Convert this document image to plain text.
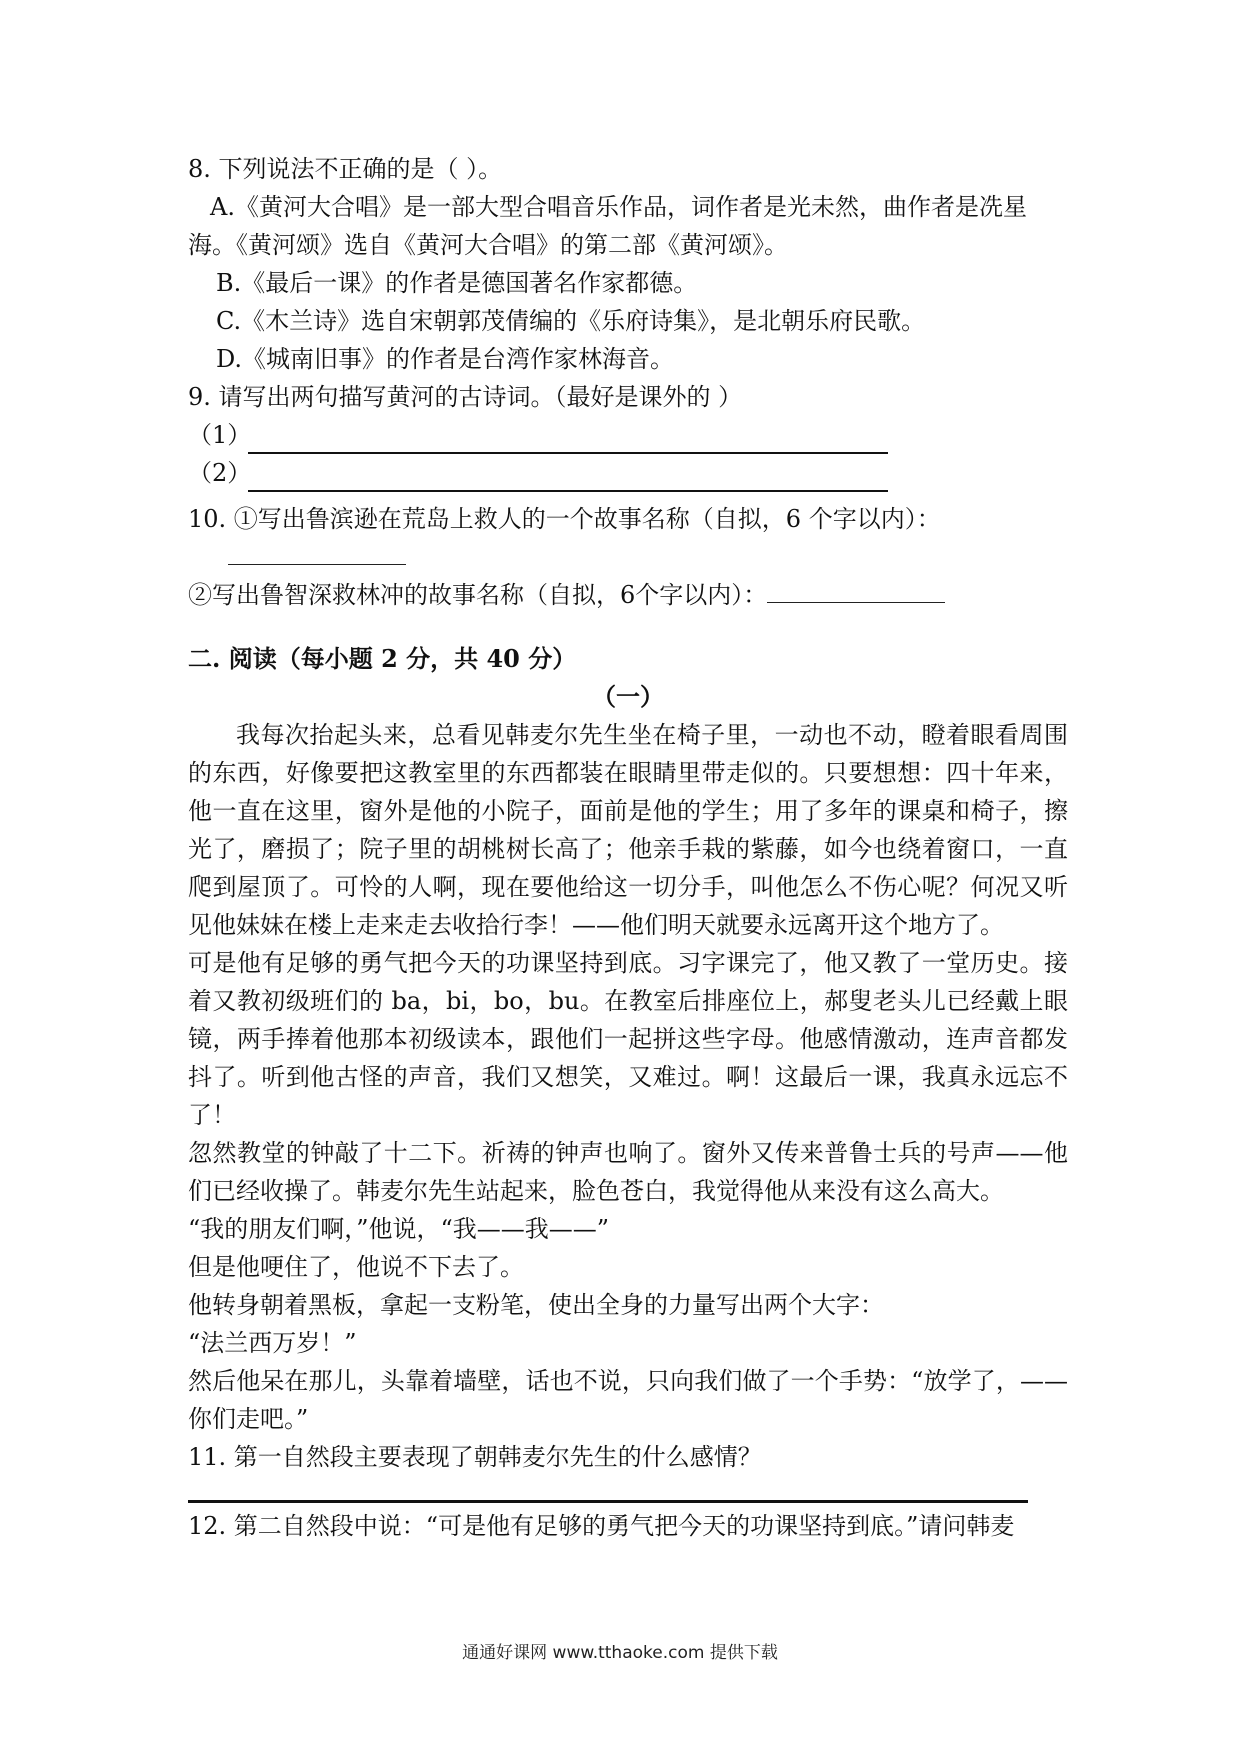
8. 下列说法不正确的是（ ）。
A.《黄河大合唱》是一部大型合唱音乐作品，词作者是光未然，曲作者是冼星
海。《黄河颂》选自《黄河大合唱》的第二部《黄河颂》。
B.《最后一课》的作者是德国著名作家都德。
C.《木兰诗》选自宋朝郭茂倩编的《乐府诗集》，是北朝乐府民歌。
D.《城南旧事》的作者是台湾作家林海音。
9. 请写出两句描写黄河的古诗词。（最好是课外的 ）
（1）
（2）
10. ①写出鲁滨逊在荒岛上救人的一个故事名称（自拟，6 个字以内）：
②写出鲁智深救林冲的故事名称（自拟，6个字以内）：
二. 阅读（每小题 2 分，共 40 分）
（一）

我每次抬起头来，总看见韩麦尔先生坐在椅子里，一动也不动，瞪着眼看周围的东西，好像要把这教室里的东西都装在眼睛里带走似的。只要想想：四十年来，他一直在这里，窗外是他的小院子，面前是他的学生；用了多年的课桌和椅子，擦光了，磨损了；院子里的胡桃树长高了；他亲手栽的紫藤，如今也绕着窗口，一直爬到屋顶了。可怜的人啊，现在要他给这一切分手，叫他怎么不伤心呢？何况又听见他妹妹在楼上走来走去收拾行李！——他们明天就要永远离开这个地方了。

可是他有足够的勇气把今天的功课坚持到底。习字课完了，他又教了一堂历史。接着又教初级班们的 ba，bi，bo，bu。在教室后排座位上，郝叟老头儿已经戴上眼镜，两手捧着他那本初级读本，跟他们一起拼这些字母。他感情激动，连声音都发抖了。听到他古怪的声音，我们又想笑，又难过。啊！这最后一课，我真永远忘不了！

忽然教堂的钟敲了十二下。祈祷的钟声也响了。窗外又传来普鲁士兵的号声——他们已经收操了。韩麦尔先生站起来，脸色苍白，我觉得他从来没有这么高大。

“我的朋友们啊，”他说，“我——我——”

但是他哽住了，他说不下去了。

他转身朝着黑板，拿起一支粉笔，使出全身的力量写出两个大字：

“法兰西万岁！”

然后他呆在那儿，头靠着墙壁，话也不说，只向我们做了一个手势：“放学了，——你们走吧。”

11. 第一自然段主要表现了朝韩麦尔先生的什么感情？
12. 第二自然段中说：“可是他有足够的勇气把今天的功课坚持到底。”请问韩麦
通通好课网 www.tthaoke.com 提供下载
